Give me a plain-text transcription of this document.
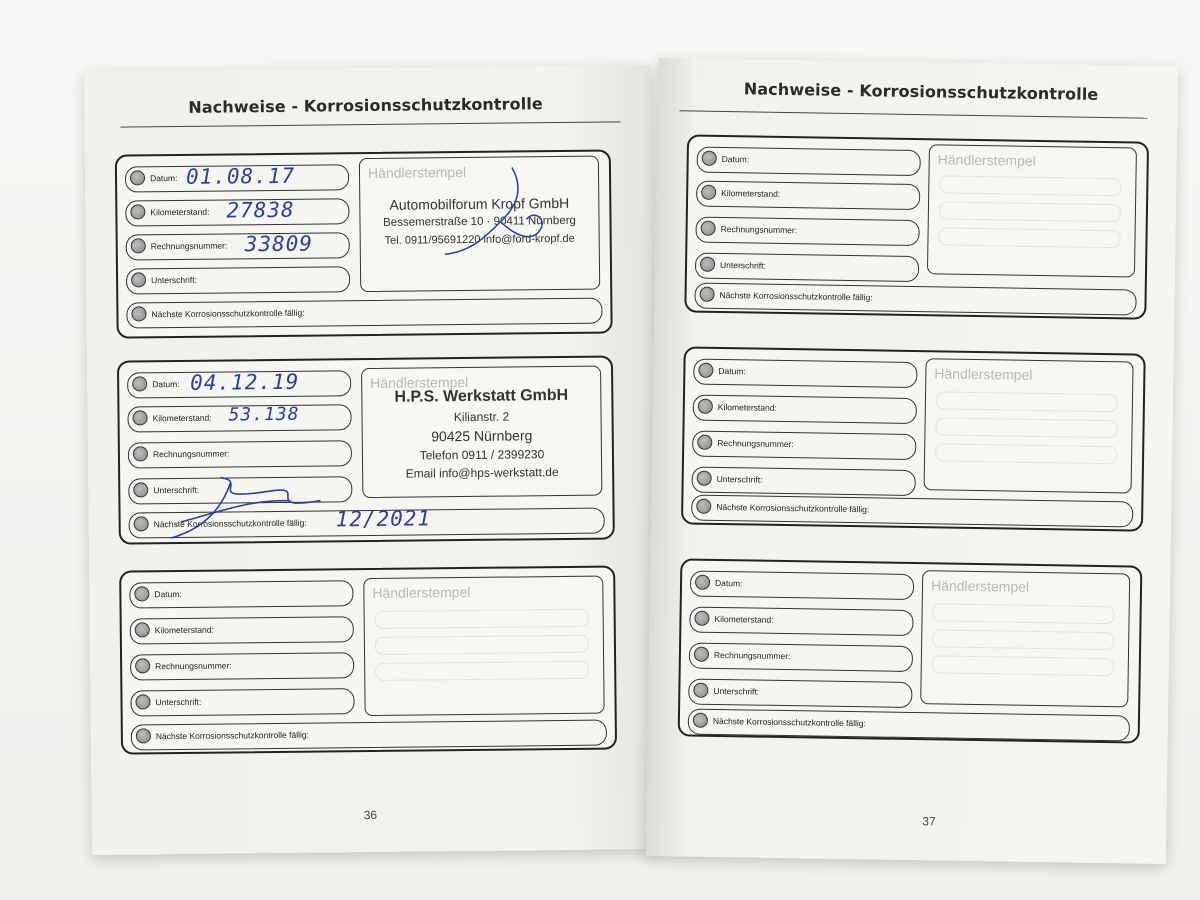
Nachweise - Korrosionsschutzkontrolle
Datum: 01.08.17
Kilometerstand: 27838
Rechnungsnummer: 33809
Unterschrift:
Nächste Korrosionsschutzkontrolle fällig:
Händlerstempel
Automobilforum Kropf GmbH
Bessemerstraße 10 · 90411 Nürnberg
Tel. 0911/95691220 info@ford-kropf.de
Datum: 04.12.19
Kilometerstand: 53.138
Rechnungsnummer:
Unterschrift:
Nächste Korrosionsschutzkontrolle fällig: 12/2021
Händlerstempel
H.P.S. Werkstatt GmbH
Kilianstr. 2
90425 Nürnberg
Telefon 0911 / 2399230
Email info@hps-werkstatt.de
Datum:
Kilometerstand:
Rechnungsnummer:
Unterschrift:
Nächste Korrosionsschutzkontrolle fällig:
Händlerstempel
36
Nachweise - Korrosionsschutzkontrolle
Datum:
Kilometerstand:
Rechnungsnummer:
Unterschrift:
Nächste Korrosionsschutzkontrolle fällig:
Händlerstempel
Datum:
Kilometerstand:
Rechnungsnummer:
Unterschrift:
Nächste Korrosionsschutzkontrolle fällig:
Händlerstempel
Datum:
Kilometerstand:
Rechnungsnummer:
Unterschrift:
Nächste Korrosionsschutzkontrolle fällig:
Händlerstempel
37
